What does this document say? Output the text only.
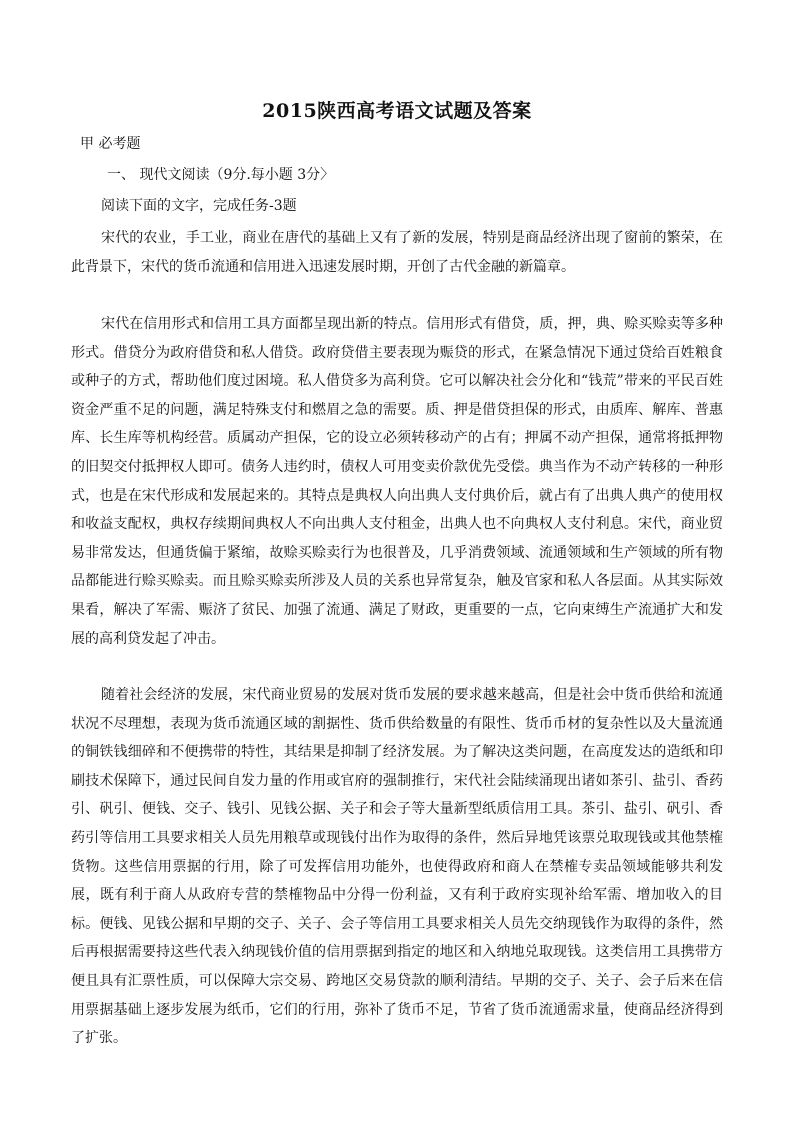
2015陕西高考语文试题及答案
甲 必考题
一、 现代文阅读（9分.每小题 3分〉
阅读下面的文字，完成任务-3题

宋代的农业，手工业，商业在唐代的基础上又有了新的发展，特别是商品经济出现了窗前的繁荣，在此背景下，宋代的货币流通和信用进入迅速发展时期，开创了古代金融的新篇章。

宋代在信用形式和信用工具方面都呈现出新的特点。信用形式有借贷，质，押，典、赊买赊卖等多种形式。借贷分为政府借贷和私人借贷。政府贷借主要表现为赈贷的形式，在紧急情况下通过贷给百姓粮食或种子的方式，帮助他们度过困境。私人借贷多为高利贷。它可以解决社会分化和“钱荒”带来的平民百姓资金严重不足的问题，满足特殊支付和燃眉之急的需要。质、押是借贷担保的形式，由质库、解库、普惠库、长生库等机构经营。质属动产担保，它的设立必须转移动产的占有；押属不动产担保，通常将抵押物的旧契交付抵押权人即可。债务人违约时，债权人可用变卖价款优先受偿。典当作为不动产转移的一种形式，也是在宋代形成和发展起来的。其特点是典权人向出典人支付典价后，就占有了出典人典产的使用权和收益支配权，典权存续期间典权人不向出典人支付租金，出典人也不向典权人支付利息。宋代，商业贸易非常发达，但通货偏于紧缩，故赊买赊卖行为也很普及，几乎消费领域、流通领域和生产领域的所有物品都能进行赊买赊卖。而且赊买赊卖所涉及人员的关系也异常复杂，触及官家和私人各层面。从其实际效果看，解决了军需、赈济了贫民、加强了流通、满足了财政，更重要的一点，它向束缚生产流通扩大和发展的高利贷发起了冲击。

随着社会经济的发展，宋代商业贸易的发展对货币发展的要求越来越高，但是社会中货币供给和流通状况不尽理想，表现为货币流通区域的割据性、货币供给数量的有限性、货币币材的复杂性以及大量流通的铜铁钱细碎和不便携带的特性，其结果是抑制了经济发展。为了解决这类问题，在高度发达的造纸和印刷技术保障下，通过民间自发力量的作用或官府的强制推行，宋代社会陆续涌现出诸如茶引、盐引、香药引、矾引、便钱、交子、钱引、见钱公据、关子和会子等大量新型纸质信用工具。茶引、盐引、矾引、香药引等信用工具要求相关人员先用粮草或现钱付出作为取得的条件，然后异地凭该票兑取现钱或其他禁榷货物。这些信用票据的行用，除了可发挥信用功能外，也使得政府和商人在禁榷专卖品领域能够共利发展，既有利于商人从政府专营的禁榷物品中分得一份利益，又有利于政府实现补给军需、增加收入的目标。便钱、见钱公据和早期的交子、关子、会子等信用工具要求相关人员先交纳现钱作为取得的条件，然后再根据需要持这些代表入纳现钱价值的信用票据到指定的地区和入纳地兑取现钱。这类信用工具携带方便且具有汇票性质，可以保障大宗交易、跨地区交易贷款的顺利清结。早期的交子、关子、会子后来在信用票据基础上逐步发展为纸币，它们的行用，弥补了货币不足，节省了货币流通需求量，使商品经济得到了扩张。
